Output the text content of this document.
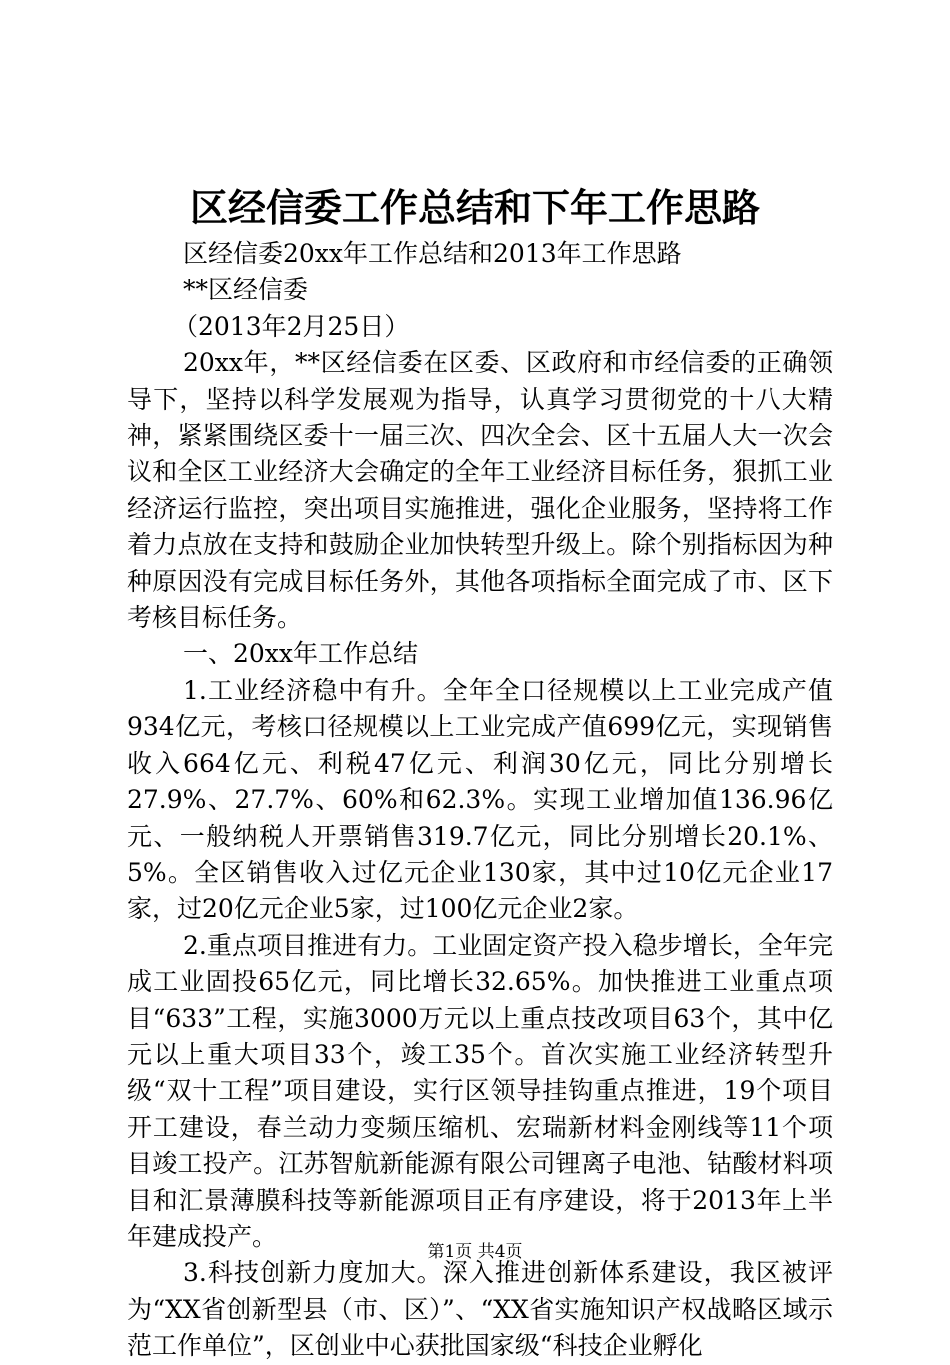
区经信委工作总结和下年工作思路

区经信委20xx年工作总结和2013年工作思路

**区经信委

（2013年2月25日）

20xx年，**区经信委在区委、区政府和市经信委的正确领导下，坚持以科学发展观为指导，认真学习贯彻党的十八大精神，紧紧围绕区委十一届三次、四次全会、区十五届人大一次会议和全区工业经济大会确定的全年工业经济目标任务，狠抓工业经济运行监控，突出项目实施推进，强化企业服务，坚持将工作着力点放在支持和鼓励企业加快转型升级上。除个别指标因为种种原因没有完成目标任务外，其他各项指标全面完成了市、区下考核目标任务。

一、20xx年工作总结

1.工业经济稳中有升。全年全口径规模以上工业完成产值934亿元，考核口径规模以上工业完成产值699亿元，实现销售收入664亿元、利税47亿元、利润30亿元，同比分别增长27.9%、27.7%、60%和62.3%。实现工业增加值136.96亿元、一般纳税人开票销售319.7亿元，同比分别增长20.1%、5%。全区销售收入过亿元企业130家，其中过10亿元企业17家，过20亿元企业5家，过100亿元企业2家。

2.重点项目推进有力。工业固定资产投入稳步增长，全年完成工业固投65亿元，同比增长32.65%。加快推进工业重点项目“633”工程，实施3000万元以上重点技改项目63个，其中亿元以上重大项目33个，竣工35个。首次实施工业经济转型升级“双十工程”项目建设，实行区领导挂钩重点推进，19个项目开工建设，春兰动力变频压缩机、宏瑞新材料金刚线等11个项目竣工投产。江苏智航新能源有限公司锂离子电池、钴酸材料项目和汇景薄膜科技等新能源项目正有序建设，将于2013年上半年建成投产。

3.科技创新力度加大。深入推进创新体系建设，我区被评为“XX省创新型县（市、区）”、“XX省实施知识产权战略区域示范工作单位”，区创业中心获批国家级“科技企业孵化

第1页 共4页
